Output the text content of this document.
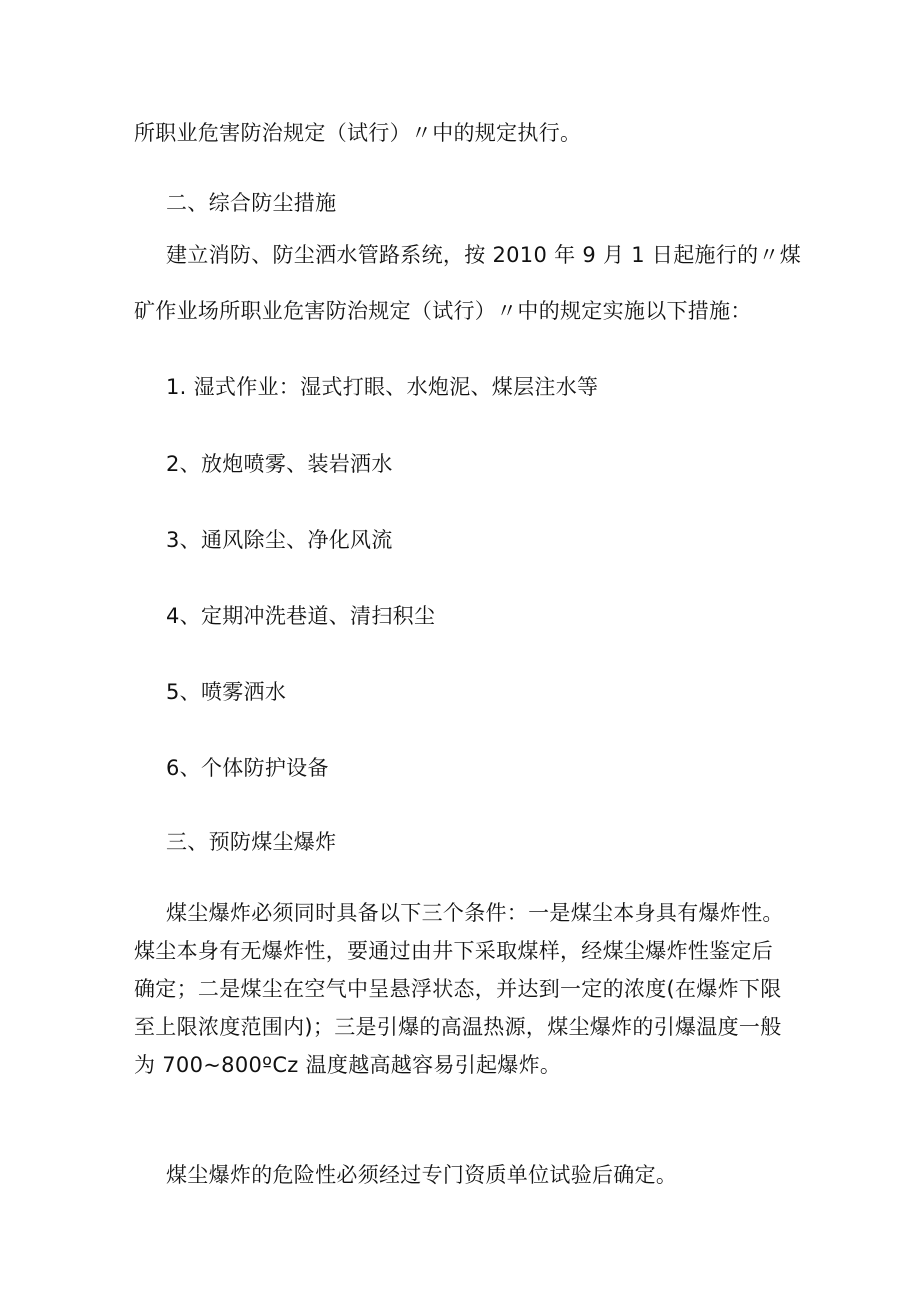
所职业危害防治规定（试行）〃中的规定执行。
二、综合防尘措施
建立消防、防尘洒水管路系统，按 2010 年 9 月 1 日起施行的〃煤
矿作业场所职业危害防治规定（试行）〃中的规定实施以下措施：
1. 湿式作业：湿式打眼、水炮泥、煤层注水等
2、放炮喷雾、装岩洒水
3、通风除尘、净化风流
4、定期冲洗巷道、清扫积尘
5、喷雾洒水
6、个体防护设备
三、预防煤尘爆炸
煤尘爆炸必须同时具备以下三个条件：一是煤尘本身具有爆炸性。
煤尘本身有无爆炸性，要通过由井下采取煤样，经煤尘爆炸性鉴定后
确定；二是煤尘在空气中呈悬浮状态，并达到一定的浓度(在爆炸下限
至上限浓度范围内)；三是引爆的高温热源，煤尘爆炸的引爆温度一般
为 700~800ºCz 温度越高越容易引起爆炸。
煤尘爆炸的危险性必须经过专门资质单位试验后确定。
